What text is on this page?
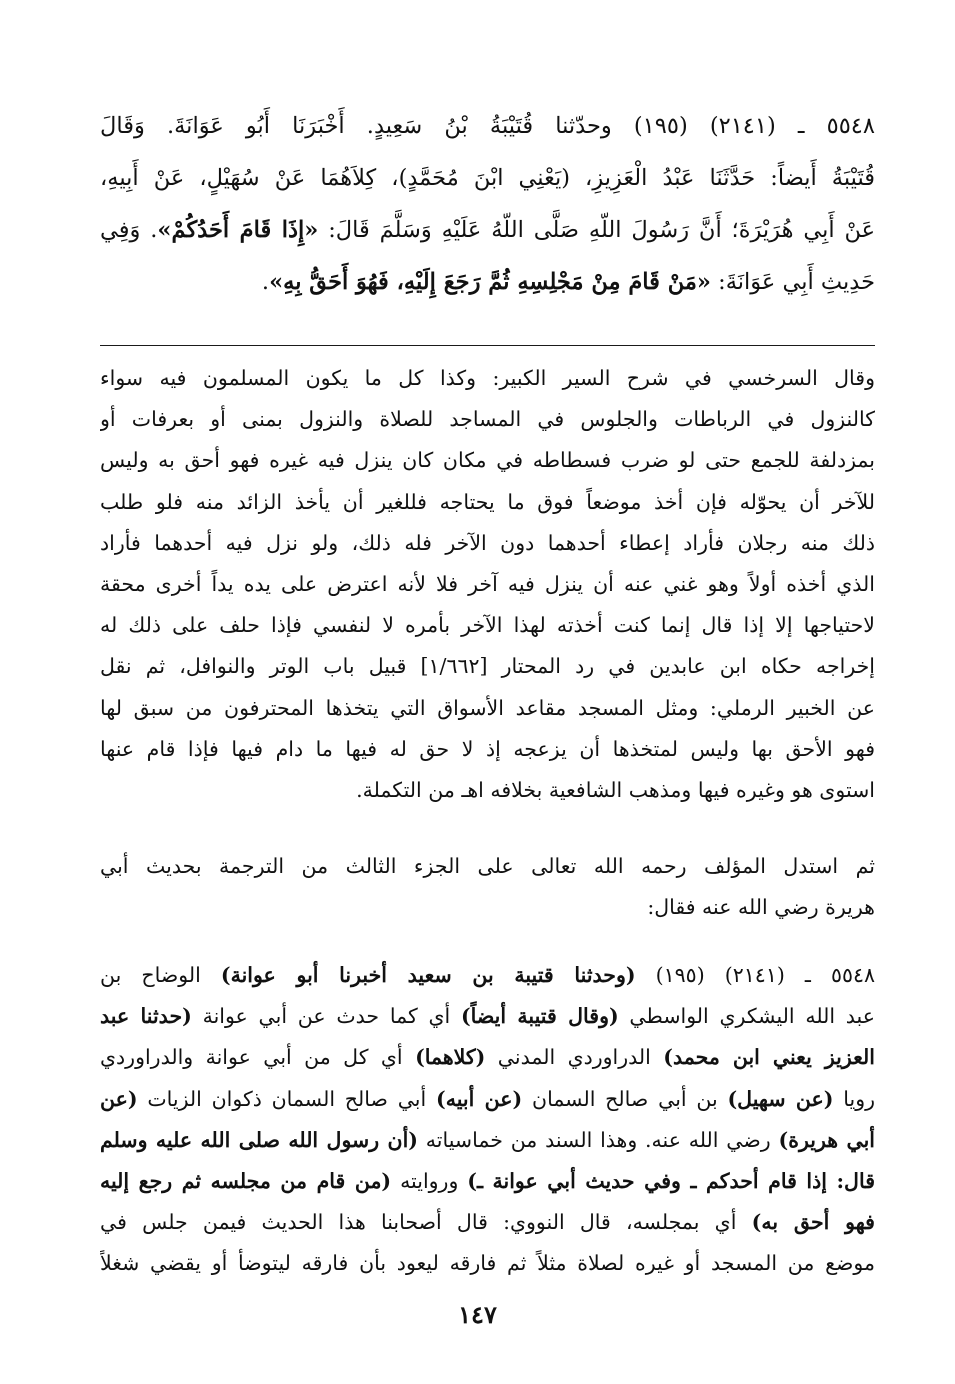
٥٥٤٨ ـ (٢١٤١) (١٩٥) وحدّثنا قُتَيْبَةُ بْنُ سَعِيدٍ. أَخْبَرَنَا أَبُو عَوَانَةَ. وَقَالَ
قُتَيْبَةُ أَيضاً: حَدَّثَنَا عَبْدُ الْعَزِيزِ، (يَعْنِي ابْنَ مُحَمَّدٍ)، كِلاَهُمَا عَنْ سُهَيْلٍ، عَنْ أَبِيهِ،
عَنْ أَبِي هُرَيْرَةَ؛ أَنَّ رَسُولَ اللّهِ صَلَّى اللّهُ عَلَيْهِ وَسَلَّمَ قَالَ: «إِذَا قَامَ أَحَدُكُمْ». وَفِي
حَدِيثِ أَبِي عَوَانَةَ: «مَنْ قَامَ مِنْ مَجْلِسِهِ ثُمَّ رَجَعَ إِلَيْهِ، فَهُوَ أَحَقُّ بِهِ».
وقال السرخسي في شرح السير الكبير: وكذا كل ما يكون المسلمون فيه سواء
كالنزول في الرباطات والجلوس في المساجد للصلاة والنزول بمنى أو بعرفات أو
بمزدلفة للجمع حتى لو ضرب فسطاطه في مكان كان ينزل فيه غيره فهو أحق به وليس
للآخر أن يحوّله فإن أخذ موضعاً فوق ما يحتاجه فللغير أن يأخذ الزائد منه فلو طلب
ذلك منه رجلان فأراد إعطاء أحدهما دون الآخر فله ذلك، ولو نزل فيه أحدهما فأراد
الذي أخذه أولاً وهو غني عنه أن ينزل فيه آخر فلا لأنه اعترض على يده يداً أخرى محقة
لاحتياجها إلا إذا قال إنما كنت أخذته لهذا الآخر بأمره لا لنفسي فإذا حلف على ذلك له
إخراجه حكاه ابن عابدين في رد المحتار [١/٦٦٢] قبيل باب الوتر والنوافل، ثم نقل
عن الخبير الرملي: ومثل المسجد مقاعد الأسواق التي يتخذها المحترفون من سبق لها
فهو الأحق بها وليس لمتخذها أن يزعجه إذ لا حق له فيها ما دام فيها فإذا قام عنها
استوى هو وغيره فيها ومذهب الشافعية بخلافه اهـ من التكملة.
ثم استدل المؤلف رحمه الله تعالى على الجزء الثالث من الترجمة بحديث أبي
هريرة رضي الله عنه فقال:
٥٥٤٨ ـ (٢١٤١) (١٩٥) (وحدثنا قتيبة بن سعيد أخبرنا أبو عوانة) الوضاح بن
عبد الله اليشكري الواسطي (وقال قتيبة أيضاً) أي كما حدث عن أبي عوانة (حدثنا عبد
العزيز يعني ابن محمد) الدراوردي المدني (كلاهما) أي كل من أبي عوانة والدراوردي
رويا (عن سهيل) بن أبي صالح السمان (عن أبيه) أبي صالح السمان ذكوان الزيات (عن
أبي هريرة) رضي الله عنه. وهذا السند من خماسياته (أن رسول الله صلى الله عليه وسلم
قال: إذا قام أحدكم ـ وفي حديث أبي عوانة ـ) وروايته (من قام من مجلسه ثم رجع إليه
فهو أحق به) أي بمجلسه، قال النووي: قال أصحابنا هذا الحديث فيمن جلس في
موضع من المسجد أو غيره لصلاة مثلاً ثم فارقه ليعود بأن فارقه ليتوضأ أو يقضي شغلاً
١٤٧
